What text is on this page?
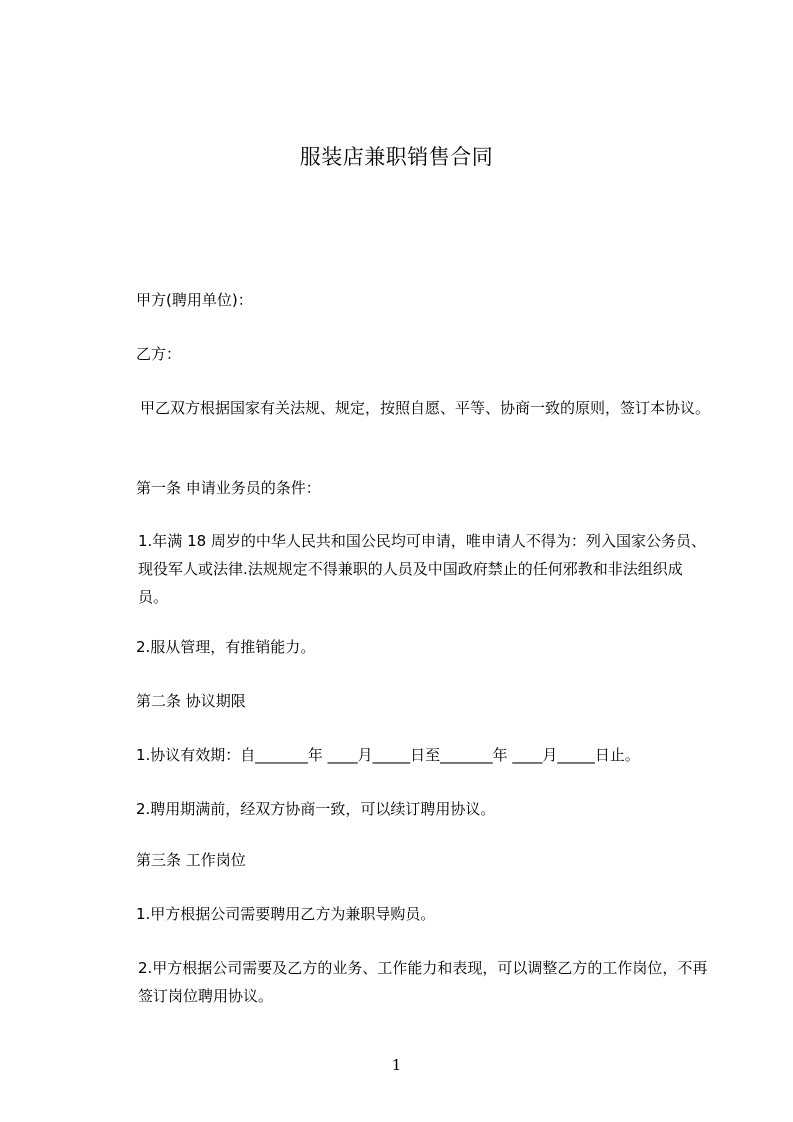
服装店兼职销售合同
甲方(聘用单位)：
乙方：
甲乙双方根据国家有关法规、规定，按照自愿、平等、协商一致的原则，签订本协议。
第一条 申请业务员的条件：
1.年满 18 周岁的中华人民共和国公民均可申请，唯申请人不得为：列入国家公务员、现役军人或法律.法规规定不得兼职的人员及中国政府禁止的任何邪教和非法组织成员。
2.服从管理，有推销能力。
第二条 协议期限
1.协议有效期：自_______年 ____月_____日至_______年 ____月_____日止。
2.聘用期满前，经双方协商一致，可以续订聘用协议。
第三条 工作岗位
1.甲方根据公司需要聘用乙方为兼职导购员。
2.甲方根据公司需要及乙方的业务、工作能力和表现，可以调整乙方的工作岗位，不再签订岗位聘用协议。
1
